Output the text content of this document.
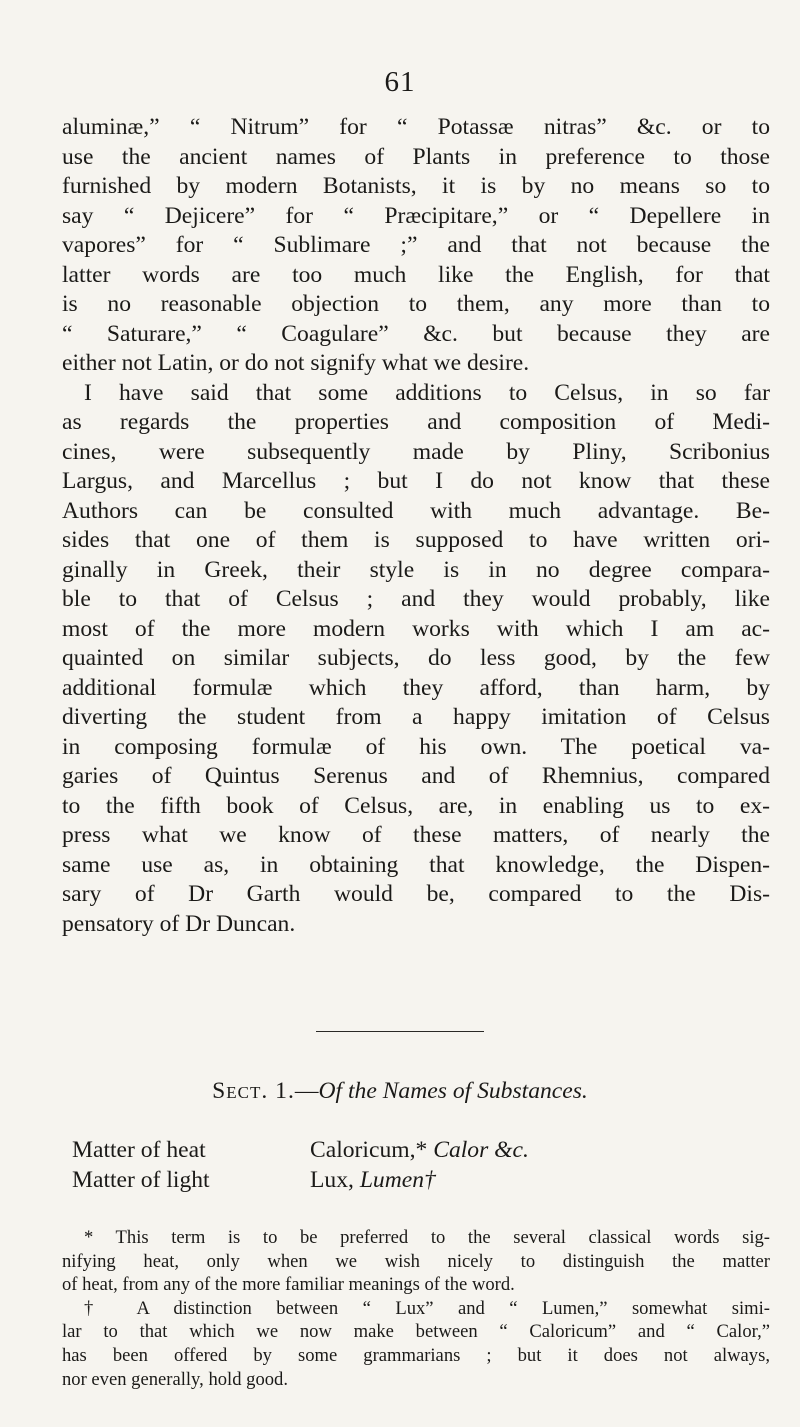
61
aluminæ,” “ Nitrum” for “ Potassæ nitras” &c. or to
use the ancient names of Plants in preference to those
furnished by modern Botanists, it is by no means so to
say “ Dejicere” for “ Præcipitare,” or “ Depellere in
vapores” for “ Sublimare ;” and that not because the
latter words are too much like the English, for that
is no reasonable objection to them, any more than to
“ Saturare,” “ Coagulare” &c. but because they are
either not Latin, or do not signify what we desire.
I have said that some additions to Celsus, in so far
as regards the properties and composition of Medi-
cines, were subsequently made by Pliny, Scribonius
Largus, and Marcellus ; but I do not know that these
Authors can be consulted with much advantage. Be-
sides that one of them is supposed to have written ori-
ginally in Greek, their style is in no degree compara-
ble to that of Celsus ; and they would probably, like
most of the more modern works with which I am ac-
quainted on similar subjects, do less good, by the few
additional formulæ which they afford, than harm, by
diverting the student from a happy imitation of Celsus
in composing formulæ of his own. The poetical va-
garies of Quintus Serenus and of Rhemnius, compared
to the fifth book of Celsus, are, in enabling us to ex-
press what we know of these matters, of nearly the
same use as, in obtaining that knowledge, the Dispen-
sary of Dr Garth would be, compared to the Dis-
pensatory of Dr Duncan.
Sect. 1.—Of the Names of Substances.
Matter of heat	Caloricum,* Calor &c.
Matter of light	Lux, Lumen†
* This term is to be preferred to the several classical words sig-
nifying heat, only when we wish nicely to distinguish the matter
of heat, from any of the more familiar meanings of the word.
† A distinction between “ Lux” and “ Lumen,” somewhat simi-
lar to that which we now make between “ Caloricum” and “ Calor,”
has been offered by some grammarians ; but it does not always,
nor even generally, hold good.
